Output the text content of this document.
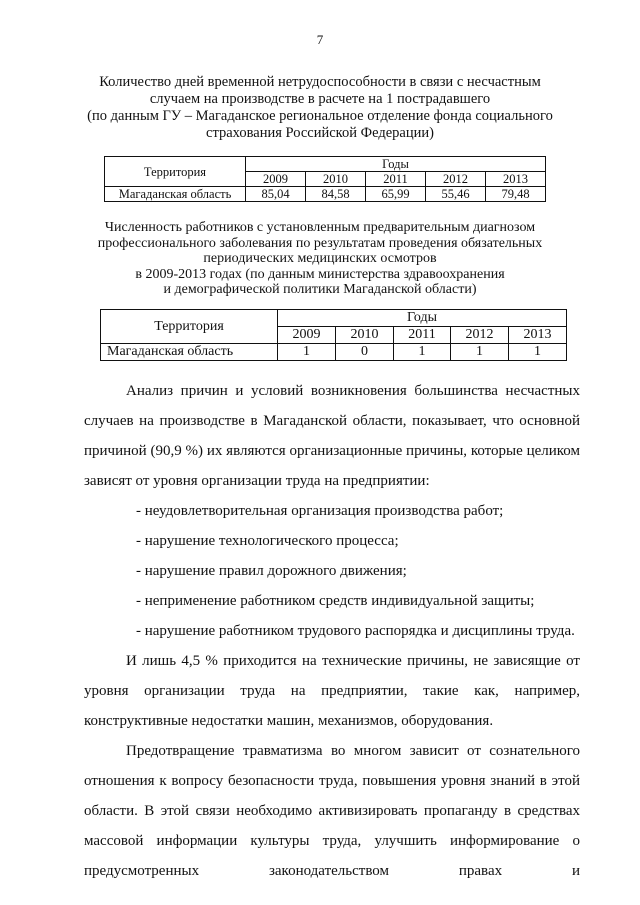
7
Количество дней временной нетрудоспособности в связи с несчастным
случаем на производстве в расчете на 1 пострадавшего
(по данным ГУ – Магаданское региональное отделение фонда социального
страхования Российской Федерации)
Территория	Годы				
	2009	2010	2011	2012	2013
Магаданская область	85,04	84,58	65,99	55,46	79,48
Численность работников с установленным предварительным диагнозом
профессионального заболевания по результатам проведения обязательных
периодических медицинских осмотров
в 2009-2013 годах (по данным министерства здравоохранения
и демографической политики Магаданской области)
Территория	Годы				
	2009	2010	2011	2012	2013
Магаданская область	1	0	1	1	1

Анализ причин и условий возникновения большинства несчастных случаев на производстве в Магаданской области, показывает, что основной причиной (90,9 %) их являются организационные причины, которые целиком зависят от уровня организации труда на предприятии:

- неудовлетворительная организация производства работ;

- нарушение технологического процесса;

- нарушение правил дорожного движения;

- неприменение работником средств индивидуальной защиты;

- нарушение работником трудового распорядка и дисциплины труда.

И лишь 4,5 % приходится на технические причины, не зависящие от уровня организации труда на предприятии, такие как, например, конструктивные недостатки машин, механизмов, оборудования.

Предотвращение травматизма во многом зависит от сознательного отношения к вопросу безопасности труда, повышения уровня знаний в этой области. В этой связи необходимо активизировать пропаганду в средствах массовой информации культуры труда, улучшить информирование о предусмотренных законодательством правах и
